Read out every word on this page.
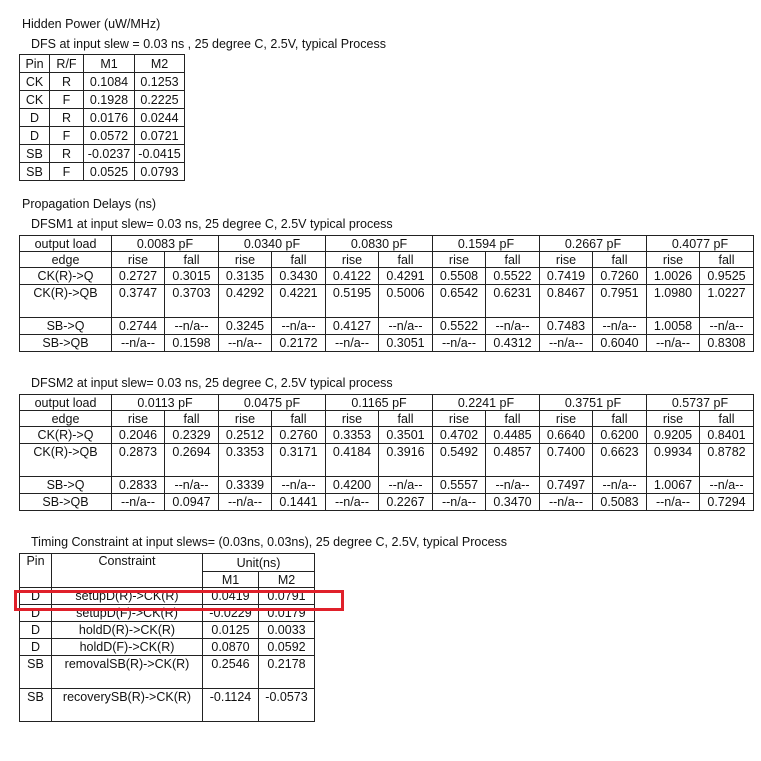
Hidden Power (uW/MHz)
DFS at input slew = 0.03 ns , 25 degree C, 2.5V, typical Process
Pin	R/F	M1	M2
CK	R	0.1084	0.1253
CK	F	0.1928	0.2225
D	R	0.0176	0.0244
D	F	0.0572	0.0721
SB	R	-0.0237	-0.0415
SB	F	0.0525	0.0793
Propagation Delays (ns)
DFSM1 at input slew= 0.03 ns, 25 degree C, 2.5V typical process
output load	0.0083 pF		0.0340 pF		0.0830 pF		0.1594 pF		0.2667 pF		0.4077 pF	
edge	rise	fall	rise	fall	rise	fall	rise	fall	rise	fall	rise	fall
CK(R)->Q	0.2727	0.3015	0.3135	0.3430	0.4122	0.4291	0.5508	0.5522	0.7419	0.7260	1.0026	0.9525
CK(R)->QB	0.3747	0.3703	0.4292	0.4221	0.5195	0.5006	0.6542	0.6231	0.8467	0.7951	1.0980	1.0227
SB->Q	0.2744	--n/a--	0.3245	--n/a--	0.4127	--n/a--	0.5522	--n/a--	0.7483	--n/a--	1.0058	--n/a--
SB->QB	--n/a--	0.1598	--n/a--	0.2172	--n/a--	0.3051	--n/a--	0.4312	--n/a--	0.6040	--n/a--	0.8308
DFSM2 at input slew= 0.03 ns, 25 degree C, 2.5V typical process
output load	0.0113 pF		0.0475 pF		0.1165 pF		0.2241 pF		0.3751 pF		0.5737 pF	
edge	rise	fall	rise	fall	rise	fall	rise	fall	rise	fall	rise	fall
CK(R)->Q	0.2046	0.2329	0.2512	0.2760	0.3353	0.3501	0.4702	0.4485	0.6640	0.6200	0.9205	0.8401
CK(R)->QB	0.2873	0.2694	0.3353	0.3171	0.4184	0.3916	0.5492	0.4857	0.7400	0.6623	0.9934	0.8782
SB->Q	0.2833	--n/a--	0.3339	--n/a--	0.4200	--n/a--	0.5557	--n/a--	0.7497	--n/a--	1.0067	--n/a--
SB->QB	--n/a--	0.0947	--n/a--	0.1441	--n/a--	0.2267	--n/a--	0.3470	--n/a--	0.5083	--n/a--	0.7294
Timing Constraint at input slews= (0.03ns, 0.03ns), 25 degree C, 2.5V, typical Process
Pin	Constraint	Unit(ns)	
		M1	M2
D	setupD(R)->CK(R)	0.0419	0.0791
D	setupD(F)->CK(R)	-0.0229	0.0179
D	holdD(R)->CK(R)	0.0125	0.0033
D	holdD(F)->CK(R)	0.0870	0.0592
SB	removalSB(R)->CK(R)	0.2546	0.2178
SB	recoverySB(R)->CK(R)	-0.1124	-0.0573
